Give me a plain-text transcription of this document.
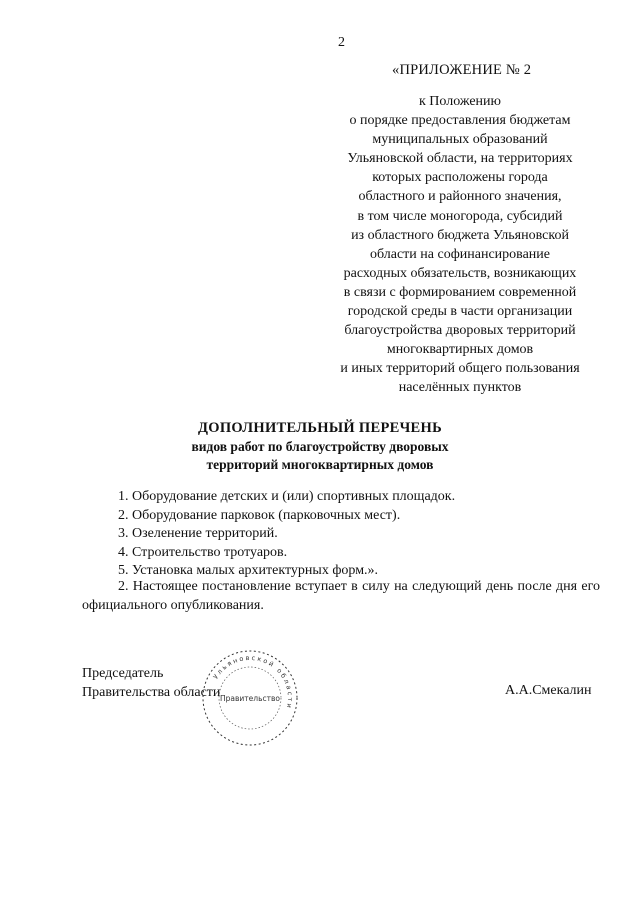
2
«ПРИЛОЖЕНИЕ № 2
к Положению
о порядке предоставления бюджетам
муниципальных образований
Ульяновской области, на территориях
которых расположены города
областного и районного значения,
в том числе моногорода, субсидий
из областного бюджета Ульяновской
области на софинансирование
расходных обязательств, возникающих
в связи с формированием современной
городской среды в части организации
благоустройства дворовых территорий
многоквартирных домов
и иных территорий общего пользования
населённых пунктов
ДОПОЛНИТЕЛЬНЫЙ ПЕРЕЧЕНЬ
видов работ по благоустройству дворовых
территорий многоквартирных домов
1. Оборудование детских и (или) спортивных площадок.
2. Оборудование парковок (парковочных мест).
3. Озеленение территорий.
4. Строительство тротуаров.
5. Установка малых архитектурных форм.».
2. Настоящее постановление вступает в силу на следующий день после дня его официального опубликования.
Председатель
Правительства области
Ульяновской области
Правительство
А.А.Смекалин
